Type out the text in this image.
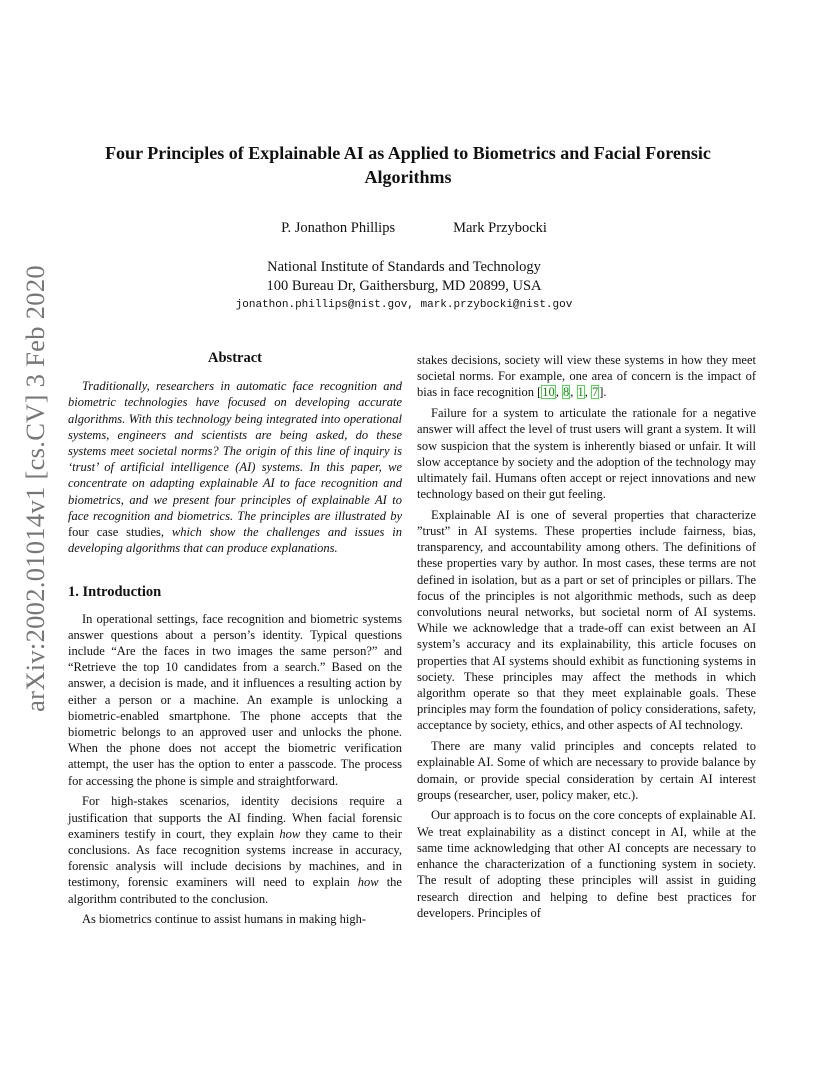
arXiv:2002.01014v1 [cs.CV] 3 Feb 2020
Four Principles of Explainable AI as Applied to Biometrics and Facial Forensic
Algorithms
P. Jonathon Phillips	Mark Przybocki
National Institute of Standards and Technology
100 Bureau Dr, Gaithersburg, MD 20899, USA
jonathon.phillips@nist.gov, mark.przybocki@nist.gov
Abstract

Traditionally, researchers in automatic face recognition and biometric technologies have focused on developing accurate algorithms. With this technology being integrated into operational systems, engineers and scientists are being asked, do these systems meet societal norms? The origin of this line of inquiry is ‘trust’ of artificial intelligence (AI) systems. In this paper, we concentrate on adapting explainable AI to face recognition and biometrics, and we present four principles of explainable AI to face recognition and biometrics. The principles are illustrated by four case studies, which show the challenges and issues in developing algorithms that can produce explanations.

1. Introduction

In operational settings, face recognition and biometric systems answer questions about a person’s identity. Typical questions include “Are the faces in two images the same person?” and “Retrieve the top 10 candidates from a search.” Based on the answer, a decision is made, and it influences a resulting action by either a person or a machine. An example is unlocking a biometric-enabled smartphone. The phone accepts that the biometric belongs to an approved user and unlocks the phone. When the phone does not accept the biometric verification attempt, the user has the option to enter a passcode. The process for accessing the phone is simple and straightforward.

For high-stakes scenarios, identity decisions require a justification that supports the AI finding. When facial forensic examiners testify in court, they explain how they came to their conclusions. As face recognition systems increase in accuracy, forensic analysis will include decisions by machines, and in testimony, forensic examiners will need to explain how the algorithm contributed to the conclusion.

As biometrics continue to assist humans in making high-

stakes decisions, society will view these systems in how they meet societal norms. For example, one area of concern is the impact of bias in face recognition [10, 8, 1, 7].

Failure for a system to articulate the rationale for a negative answer will affect the level of trust users will grant a system. It will sow suspicion that the system is inherently biased or unfair. It will slow acceptance by society and the adoption of the technology may ultimately fail. Humans often accept or reject innovations and new technology based on their gut feeling.

Explainable AI is one of several properties that characterize ”trust” in AI systems. These properties include fairness, bias, transparency, and accountability among others. The definitions of these properties vary by author. In most cases, these terms are not defined in isolation, but as a part or set of principles or pillars. The focus of the principles is not algorithmic methods, such as deep convolutions neural networks, but societal norm of AI systems. While we acknowledge that a trade-off can exist between an AI system’s accuracy and its explainability, this article focuses on properties that AI systems should exhibit as functioning systems in society. These principles may affect the methods in which algorithm operate so that they meet explainable goals. These principles may form the foundation of policy considerations, safety, acceptance by society, ethics, and other aspects of AI technology.

There are many valid principles and concepts related to explainable AI. Some of which are necessary to provide balance by domain, or provide special consideration by certain AI interest groups (researcher, user, policy maker, etc.).

Our approach is to focus on the core concepts of explainable AI. We treat explainability as a distinct concept in AI, while at the same time acknowledging that other AI concepts are necessary to enhance the characterization of a functioning system in society. The result of adopting these principles will assist in guiding research direction and helping to define best practices for developers. Principles of
